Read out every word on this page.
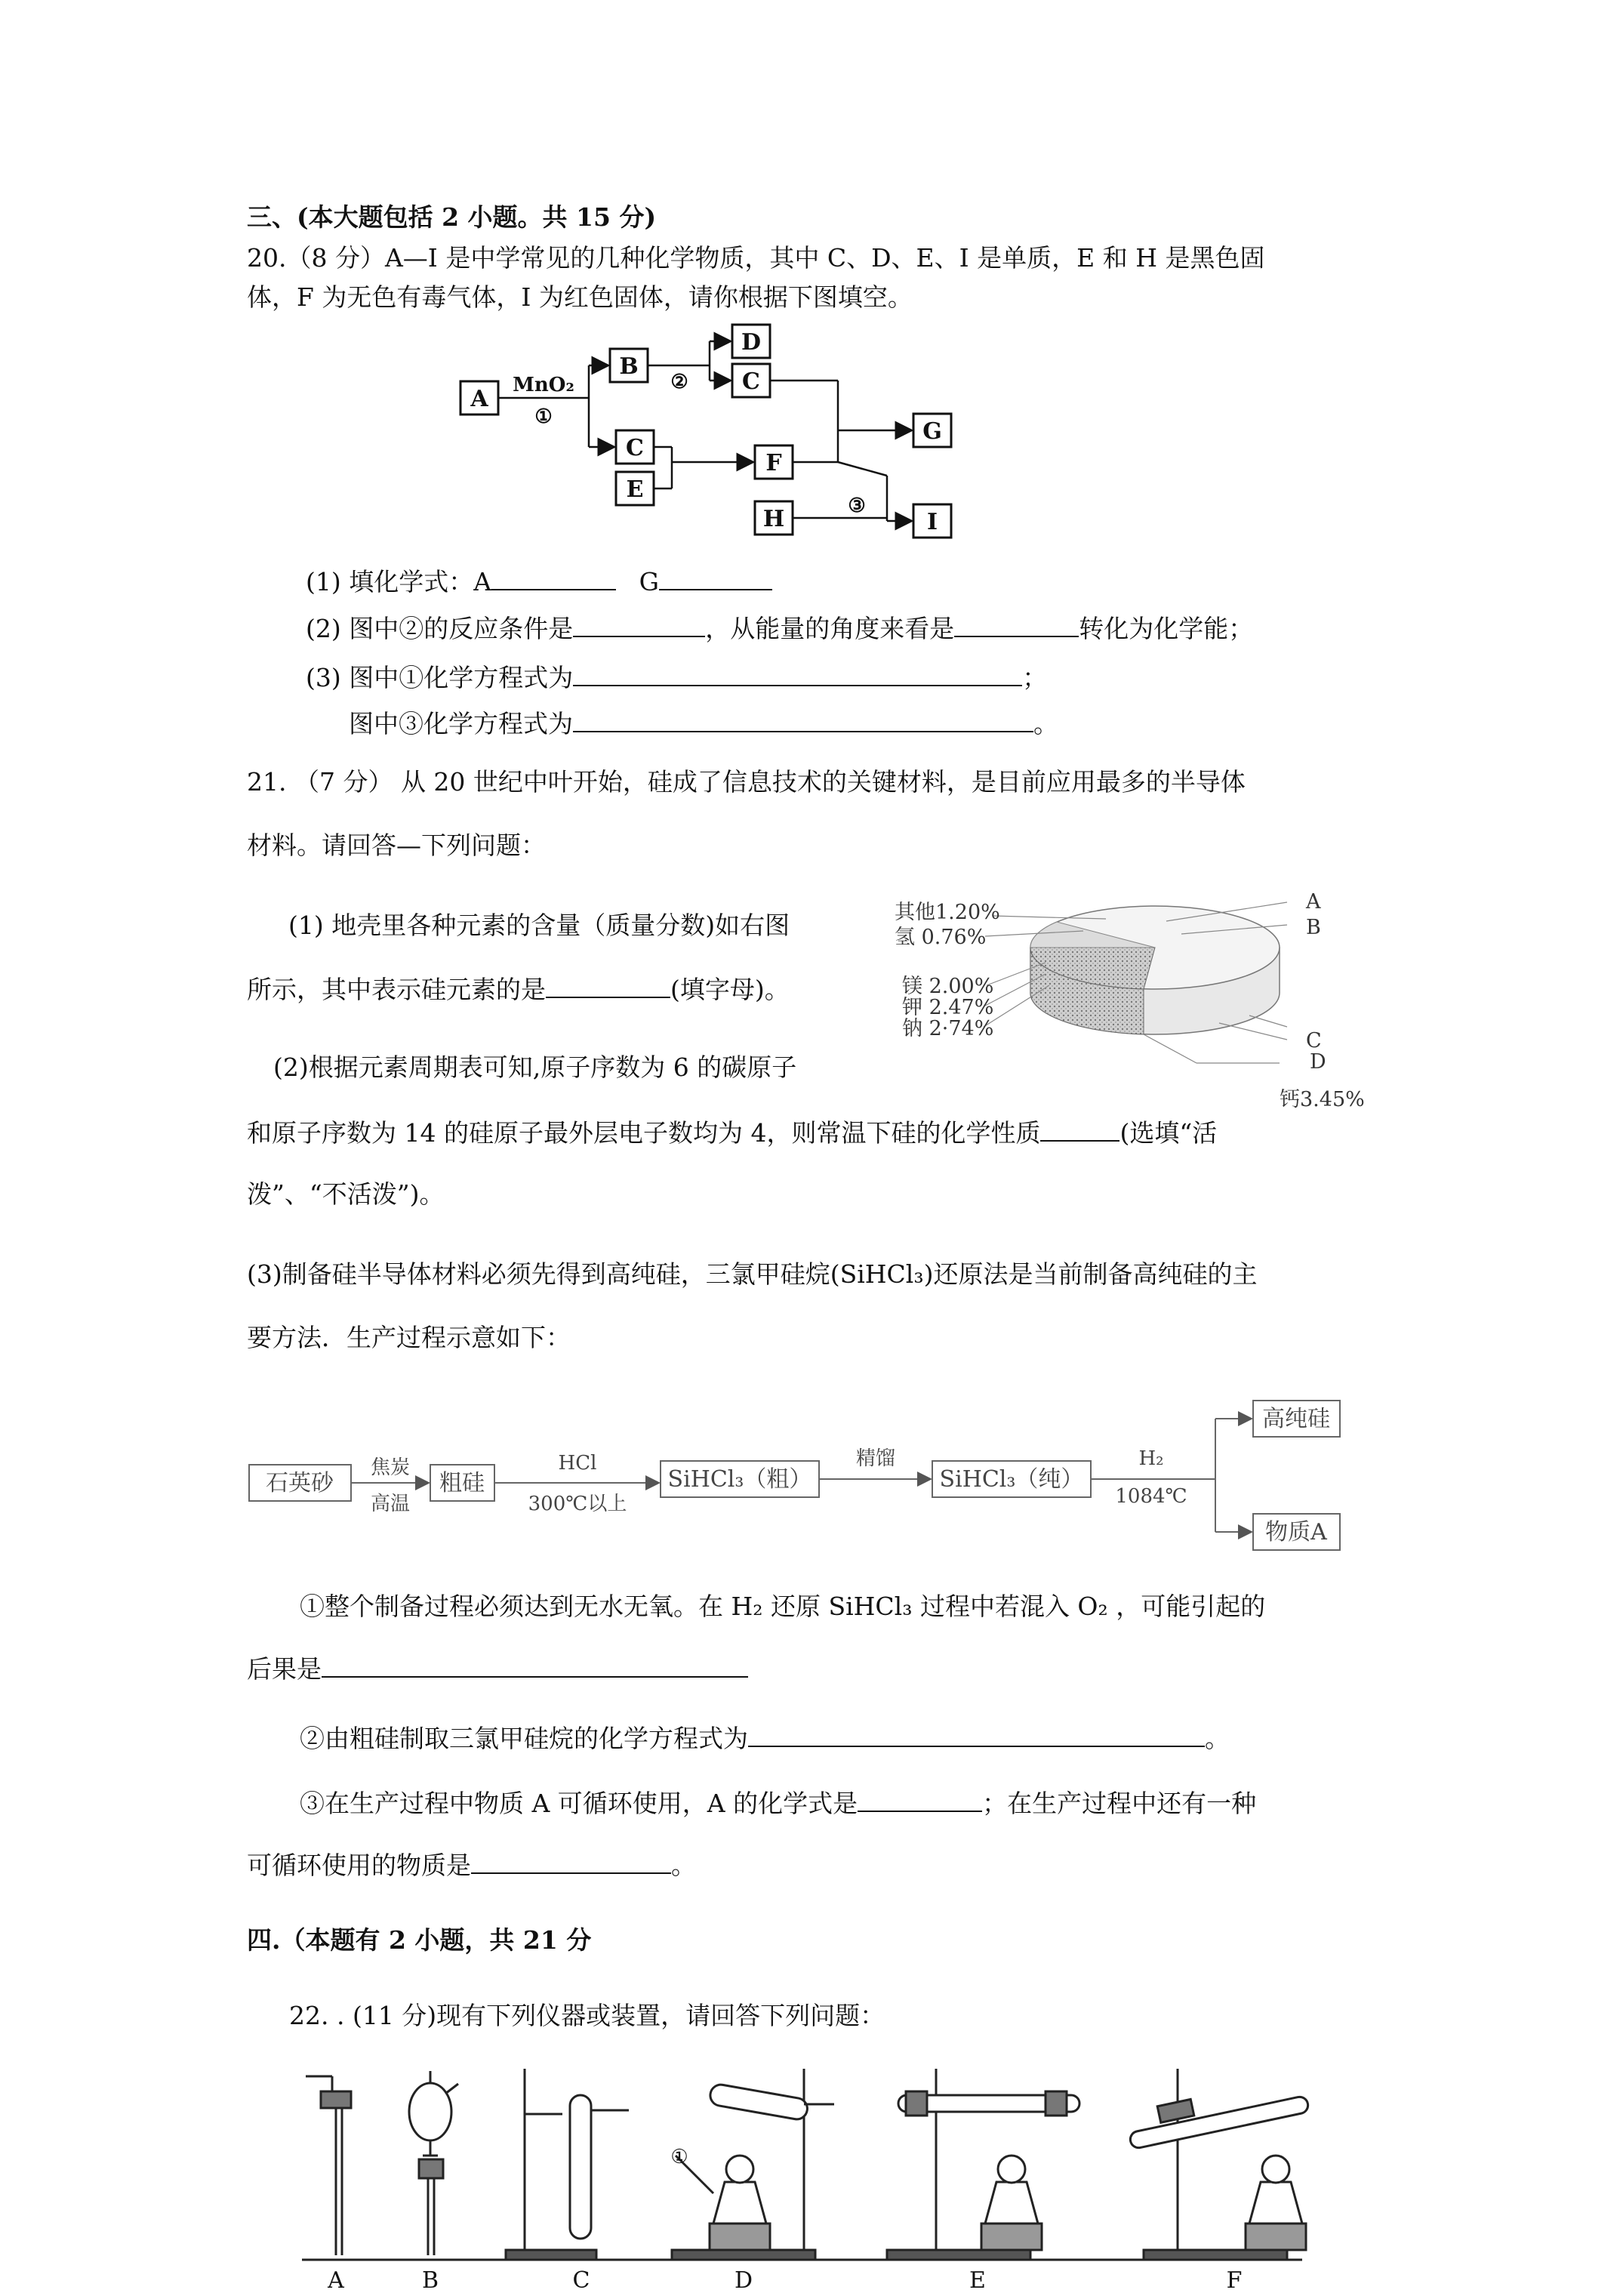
三、(本大题包括 2 小题。共 15 分)
20.（8 分）A—I 是中学常见的几种化学物质，其中 C、D、E、I 是单质，E 和 H 是黑色固
体，F 为无色有毒气体，I 为红色固体，请你根据下图填空。
A
B
D
C
C
E
F
G
H	I
MnO₂
①
②
③
(1) 填化学式：A	G
(2) 图中②的反应条件是	，从能量的角度来看是	转化为化学能；
(3) 图中①化学方程式为	；
图中③化学方程式为	。
21. （7 分） 从 20 世纪中叶开始，硅成了信息技术的关键材料，是目前应用最多的半导体
材料。请回答—下列问题：
(1) 地壳里各种元素的含量（质量分数)如右图
所示，其中表示硅元素的是	(填字母)。
(2)根据元素周期表可知,原子序数为 6 的碳原子
其他1.20%
氢 0.76%
镁 2.00%
钾 2.47%
钠 2·74%
钙3.45%
A
B
C
D
和原子序数为 14 的硅原子最外层电子数均为 4，则常温下硅的化学性质	(选填“活
泼”、“不活泼”)。
(3)制备硅半导体材料必须先得到高纯硅，三氯甲硅烷(SiHCl₃)还原法是当前制备高纯硅的主
要方法．生产过程示意如下：
石英砂	粗硅	SiHCl₃（粗）	SiHCl₃（纯）
高纯硅
物质A
焦炭
高温
HCl
300℃以上
精馏	H₂
1084℃
①整个制备过程必须达到无水无氧。在 H₂ 还原 SiHCl₃ 过程中若混入 O₂ ，可能引起的
后果是
②由粗硅制取三氯甲硅烷的化学方程式为	。
③在生产过程中物质 A 可循环使用，A 的化学式是	；在生产过程中还有一种
可循环使用的物质是	。
四.（本题有 2 小题，共 21 分
22. . (11 分)现有下列仪器或装置，请回答下列问题：
①
A	B	C	D	E	F
